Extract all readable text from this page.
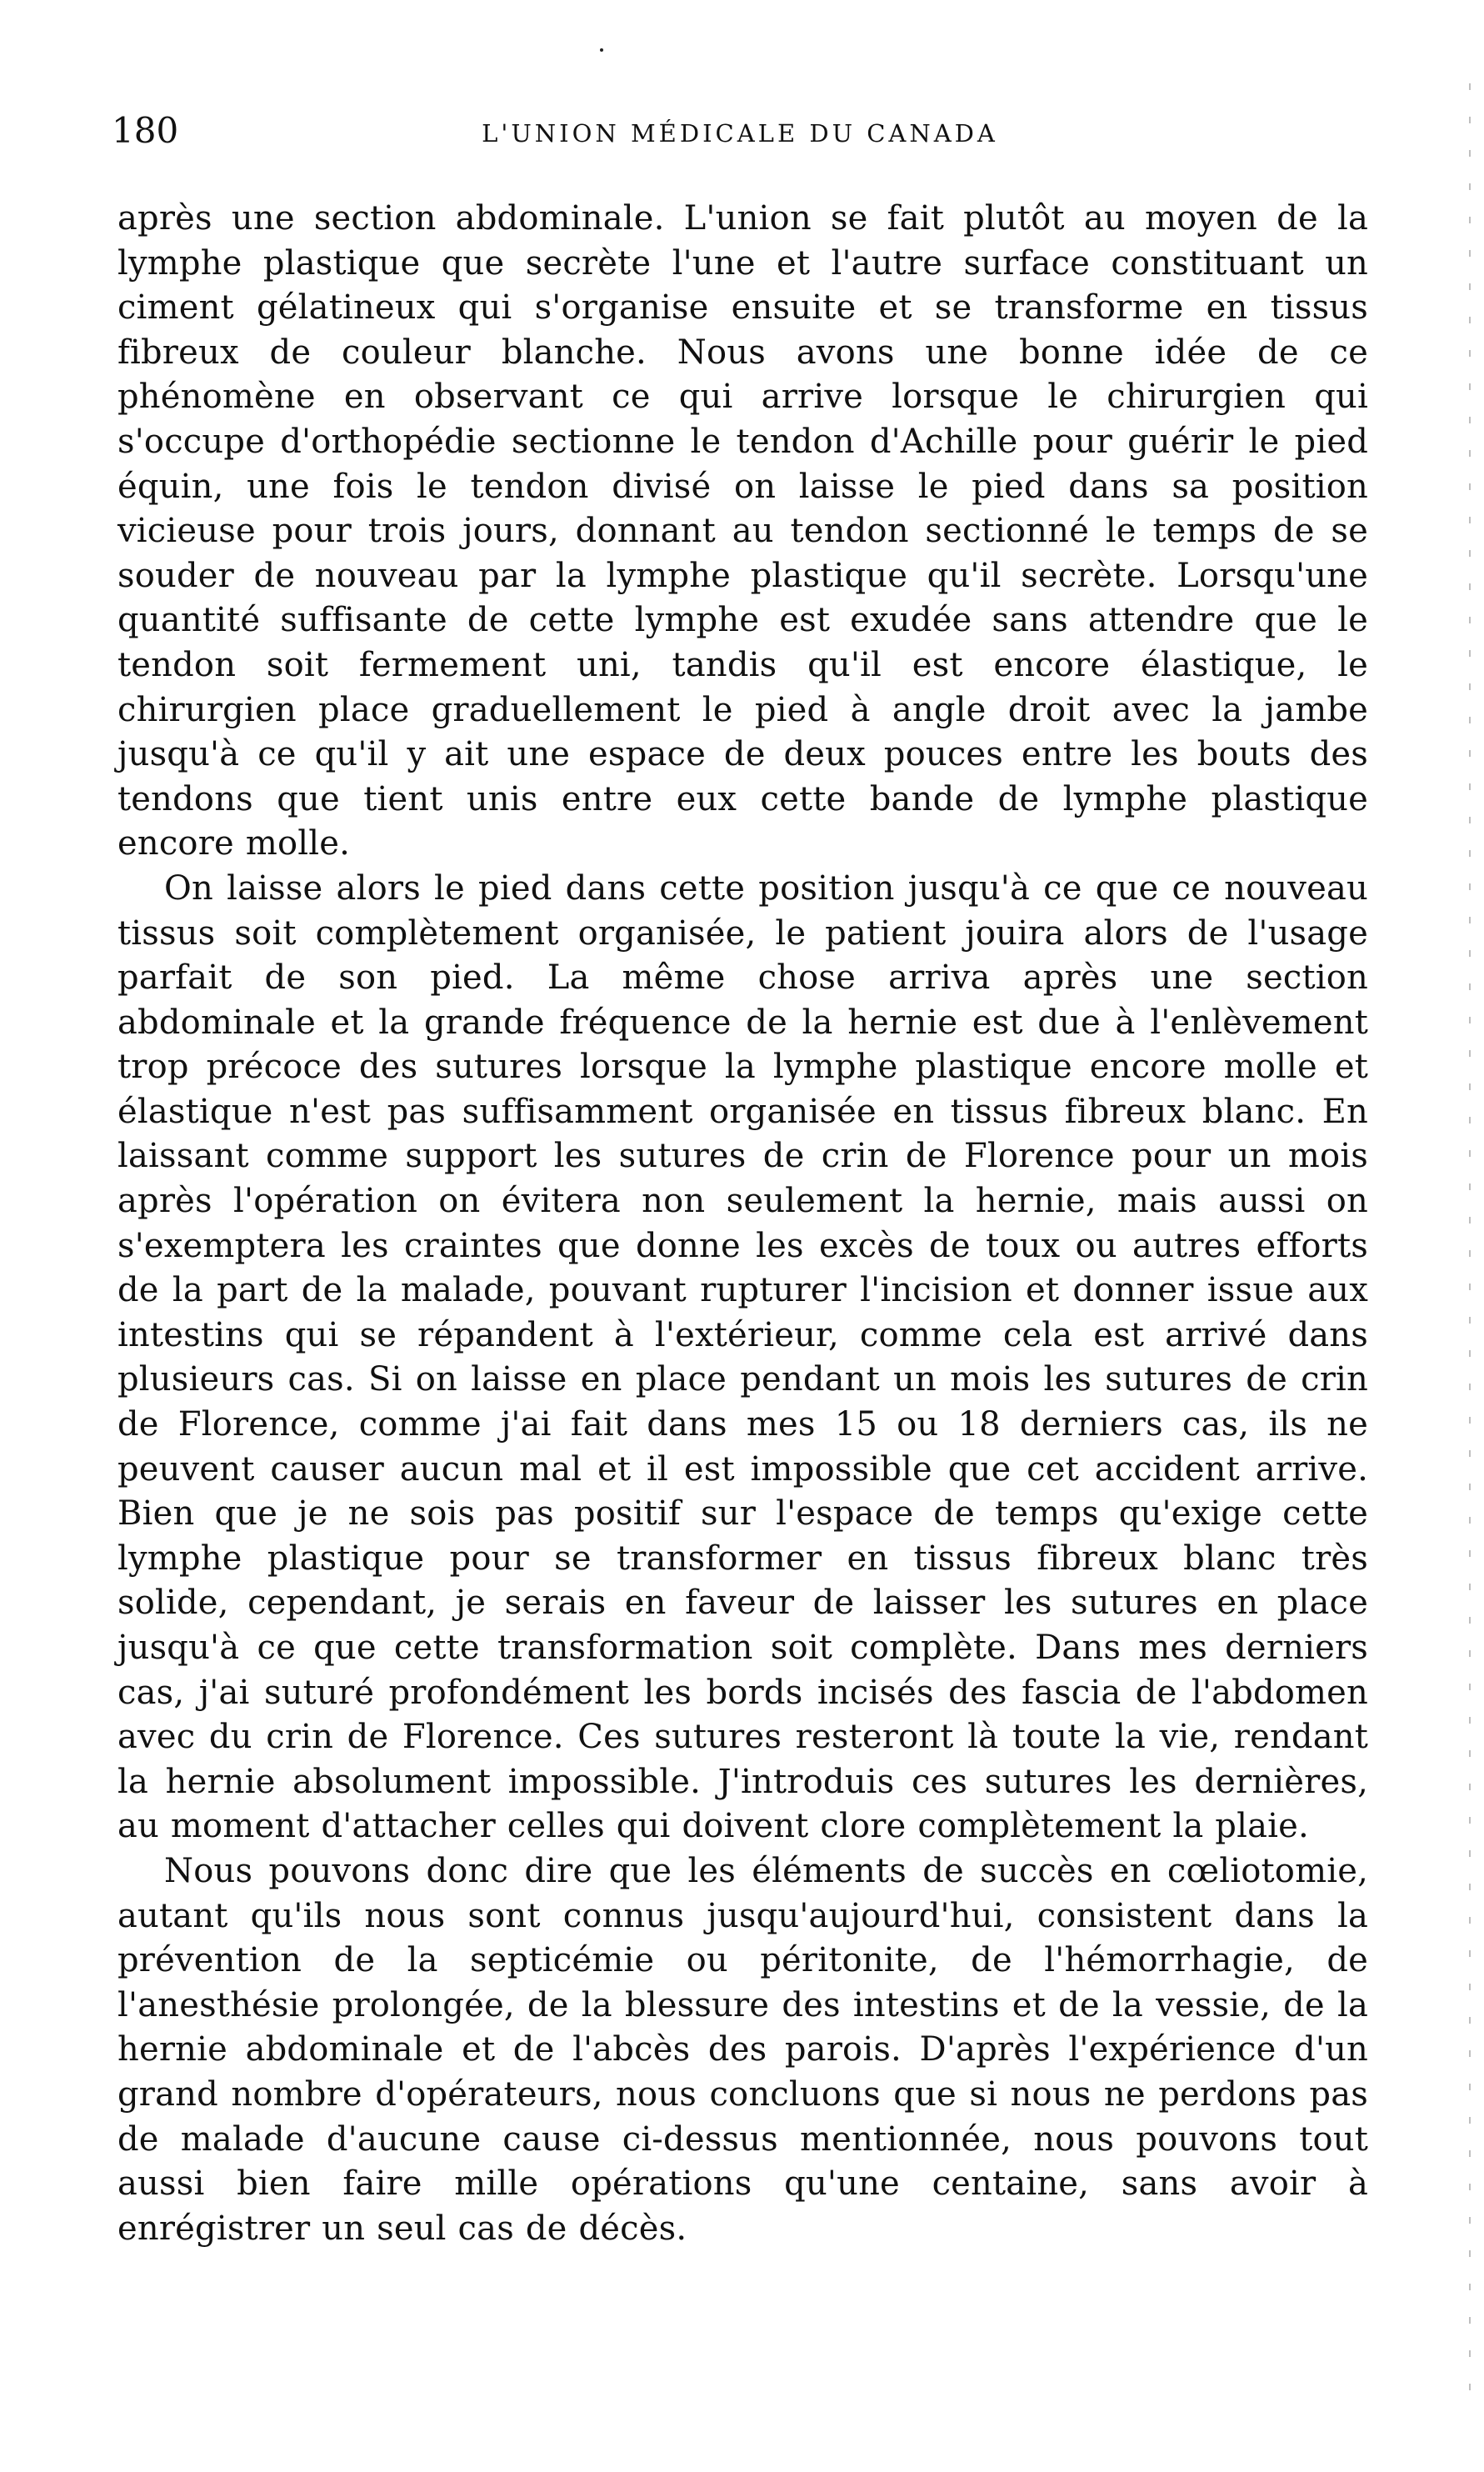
180	L'UNION MÉDICALE DU CANADA

après une section abdominale. L'union se fait plutôt au moyen de la lymphe plastique que secrète l'une et l'autre surface constituant un ciment gélatineux qui s'organise ensuite et se transforme en tissus fibreux de couleur blanche. Nous avons une bonne idée de ce phénomène en observant ce qui arrive lorsque le chirurgien qui s'occupe d'orthopédie sectionne le tendon d'Achille pour guérir le pied équin, une fois le tendon divisé on laisse le pied dans sa position vicieuse pour trois jours, donnant au tendon sectionné le temps de se souder de nouveau par la lymphe plastique qu'il secrète. Lorsqu'une quantité suffisante de cette lymphe est exudée sans attendre que le tendon soit fermement uni, tandis qu'il est encore élastique, le chirurgien place graduellement le pied à angle droit avec la jambe jusqu'à ce qu'il y ait une espace de deux pouces entre les bouts des tendons que tient unis entre eux cette bande de lymphe plastique encore molle.

On laisse alors le pied dans cette position jusqu'à ce que ce nouveau tissus soit complètement organisée, le patient jouira alors de l'usage parfait de son pied. La même chose arriva après une section abdominale et la grande fréquence de la hernie est due à l'enlèvement trop précoce des sutures lorsque la lymphe plastique encore molle et élastique n'est pas suffisamment organisée en tissus fibreux blanc. En laissant comme support les sutures de crin de Florence pour un mois après l'opération on évitera non seulement la hernie, mais aussi on s'exemptera les craintes que donne les excès de toux ou autres efforts de la part de la malade, pouvant rupturer l'incision et donner issue aux intestins qui se répandent à l'extérieur, comme cela est arrivé dans plusieurs cas. Si on laisse en place pendant un mois les sutures de crin de Florence, comme j'ai fait dans mes 15 ou 18 derniers cas, ils ne peuvent causer aucun mal et il est impossible que cet accident arrive. Bien que je ne sois pas positif sur l'espace de temps qu'exige cette lymphe plastique pour se transformer en tissus fibreux blanc très solide, cependant, je serais en faveur de laisser les sutures en place jusqu'à ce que cette transformation soit complète. Dans mes derniers cas, j'ai suturé profondément les bords incisés des fascia de l'abdomen avec du crin de Florence. Ces sutures resteront là toute la vie, rendant la hernie absolument impossible. J'introduis ces sutures les dernières, au moment d'attacher celles qui doivent clore complètement la plaie.

Nous pouvons donc dire que les éléments de succès en cœliotomie, autant qu'ils nous sont connus jusqu'aujourd'hui, consistent dans la prévention de la septicémie ou péritonite, de l'hémorrhagie, de l'anesthésie prolongée, de la blessure des intestins et de la vessie, de la hernie abdominale et de l'abcès des parois. D'après l'expérience d'un grand nombre d'opérateurs, nous concluons que si nous ne perdons pas de malade d'aucune cause ci-dessus mentionnée, nous pouvons tout aussi bien faire mille opérations qu'une centaine, sans avoir à enrégistrer un seul cas de décès.
